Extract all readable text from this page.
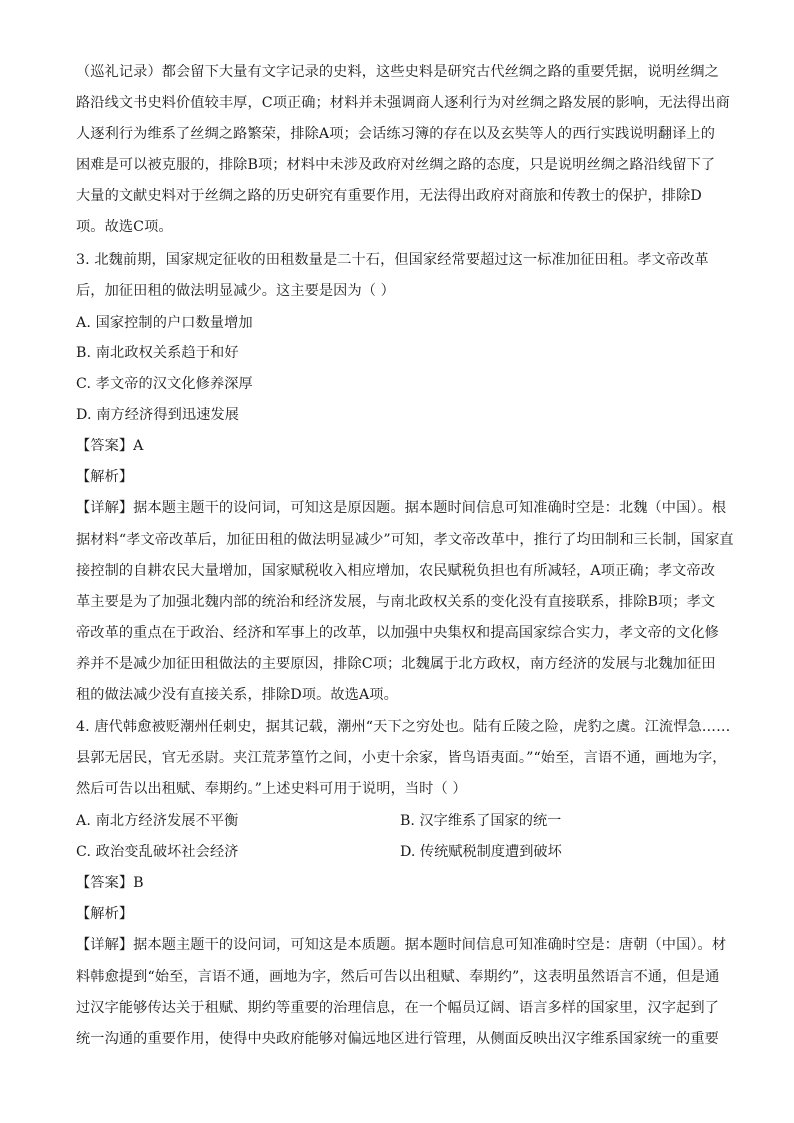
（巡礼记录）都会留下大量有文字记录的史料，这些史料是研究古代丝绸之路的重要凭据，说明丝绸之
路沿线文书史料价值较丰厚，C项正确；材料并未强调商人逐利行为对丝绸之路发展的影响，无法得出商
人逐利行为维系了丝绸之路繁荣，排除A项；会话练习簿的存在以及玄奘等人的西行实践说明翻译上的
困难是可以被克服的，排除B项；材料中未涉及政府对丝绸之路的态度，只是说明丝绸之路沿线留下了
大量的文献史料对于丝绸之路的历史研究有重要作用，无法得出政府对商旅和传教士的保护，排除D
项。故选C项。
3. 北魏前期，国家规定征收的田租数量是二十石，但国家经常要超过这一标准加征田租。孝文帝改革
后，加征田租的做法明显减少。这主要是因为（ ）
A. 国家控制的户口数量增加
B. 南北政权关系趋于和好
C. 孝文帝的汉文化修养深厚
D. 南方经济得到迅速发展
【答案】A
【解析】
【详解】据本题主题干的设问词，可知这是原因题。据本题时间信息可知准确时空是：北魏（中国）。根
据材料“孝文帝改革后，加征田租的做法明显减少”可知，孝文帝改革中，推行了均田制和三长制，国家直
接控制的自耕农民大量增加，国家赋税收入相应增加，农民赋税负担也有所减轻，A项正确；孝文帝改
革主要是为了加强北魏内部的统治和经济发展，与南北政权关系的变化没有直接联系，排除B项；孝文
帝改革的重点在于政治、经济和军事上的改革，以加强中央集权和提高国家综合实力，孝文帝的文化修
养并不是减少加征田租做法的主要原因，排除C项；北魏属于北方政权，南方经济的发展与北魏加征田
租的做法减少没有直接关系，排除D项。故选A项。
4. 唐代韩愈被贬潮州任刺史，据其记载，潮州“天下之穷处也。陆有丘陵之险，虎豹之虞。江流悍急……
县郭无居民，官无丞尉。夹江荒茅篁竹之间，小吏十余家，皆鸟语夷面。”“始至，言语不通，画地为字，
然后可告以出租赋、奉期约。”上述史料可用于说明，当时（ ）
A. 南北方经济发展不平衡	B. 汉字维系了国家的统一
C. 政治变乱破坏社会经济	D. 传统赋税制度遭到破坏
【答案】B
【解析】
【详解】据本题主题干的设问词，可知这是本质题。据本题时间信息可知准确时空是：唐朝（中国）。材
料韩愈提到“始至，言语不通，画地为字，然后可告以出租赋、奉期约”，这表明虽然语言不通，但是通
过汉字能够传达关于租赋、期约等重要的治理信息，在一个幅员辽阔、语言多样的国家里，汉字起到了
统一沟通的重要作用，使得中央政府能够对偏远地区进行管理，从侧面反映出汉字维系国家统一的重要
